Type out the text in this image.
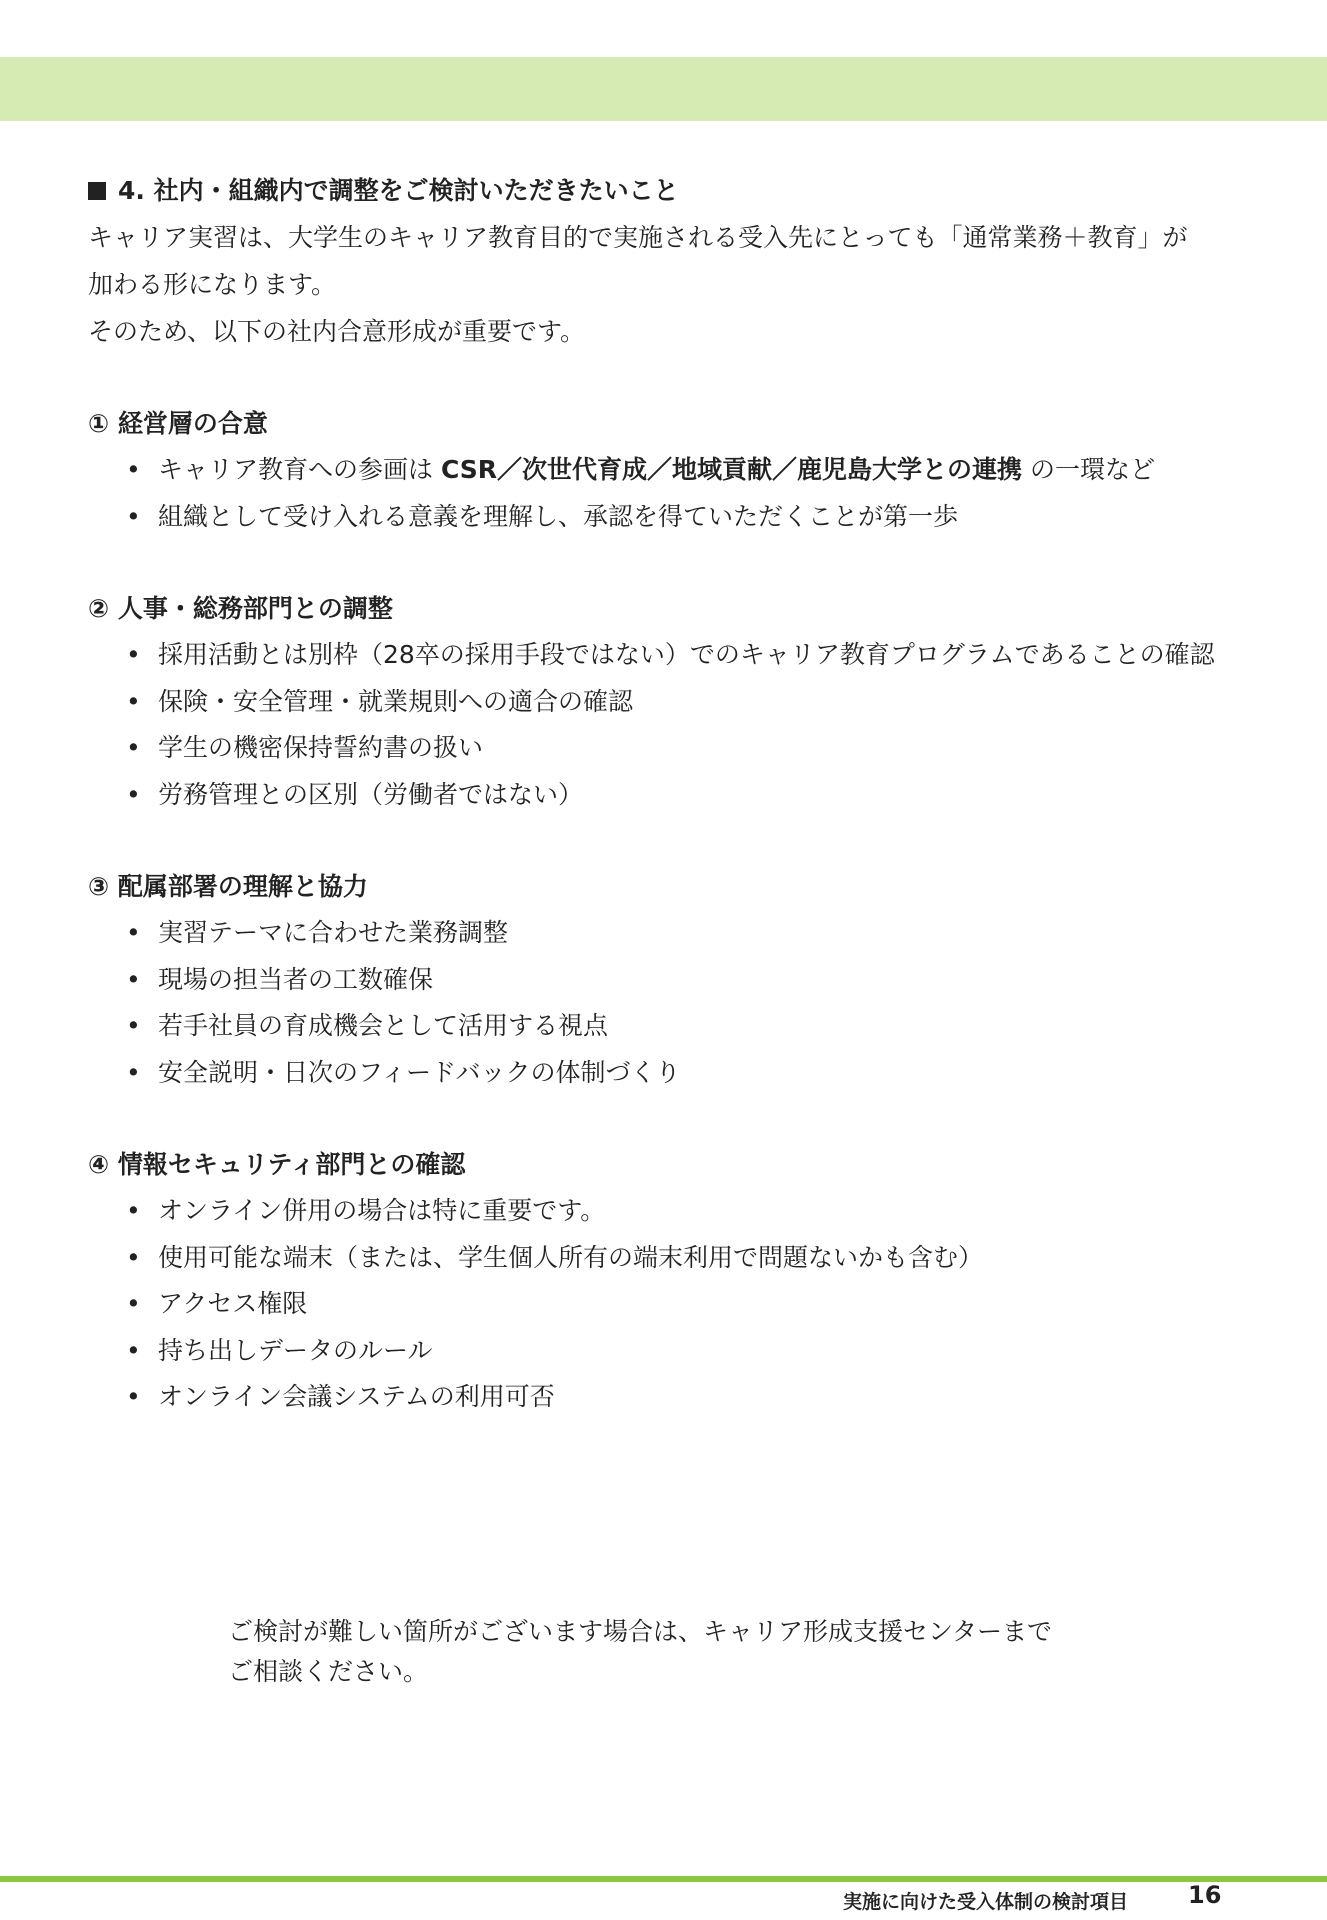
4. 社内・組織内で調整をご検討いただきたいこと
キャリア実習は、大学生のキャリア教育目的で実施される受入先にとっても「通常業務＋教育」が
加わる形になります。
そのため、以下の社内合意形成が重要です。
① 経営層の合意
• キャリア教育への参画は CSR／次世代育成／地域貢献／鹿児島大学との連携 の一環など
• 組織として受け入れる意義を理解し、承認を得ていただくことが第一歩
② 人事・総務部門との調整
• 採用活動とは別枠（28卒の採用手段ではない）でのキャリア教育プログラムであることの確認
• 保険・安全管理・就業規則への適合の確認
• 学生の機密保持誓約書の扱い
• 労務管理との区別（労働者ではない）
③ 配属部署の理解と協力
• 実習テーマに合わせた業務調整
• 現場の担当者の工数確保
• 若手社員の育成機会として活用する視点
• 安全説明・日次のフィードバックの体制づくり
④ 情報セキュリティ部門との確認
• オンライン併用の場合は特に重要です。
• 使用可能な端末（または、学生個人所有の端末利用で問題ないかも含む）
• アクセス権限
• 持ち出しデータのルール
• オンライン会議システムの利用可否
ご検討が難しい箇所がございます場合は、キャリア形成支援センターまで
ご相談ください。
実施に向けた受入体制の検討項目 16
